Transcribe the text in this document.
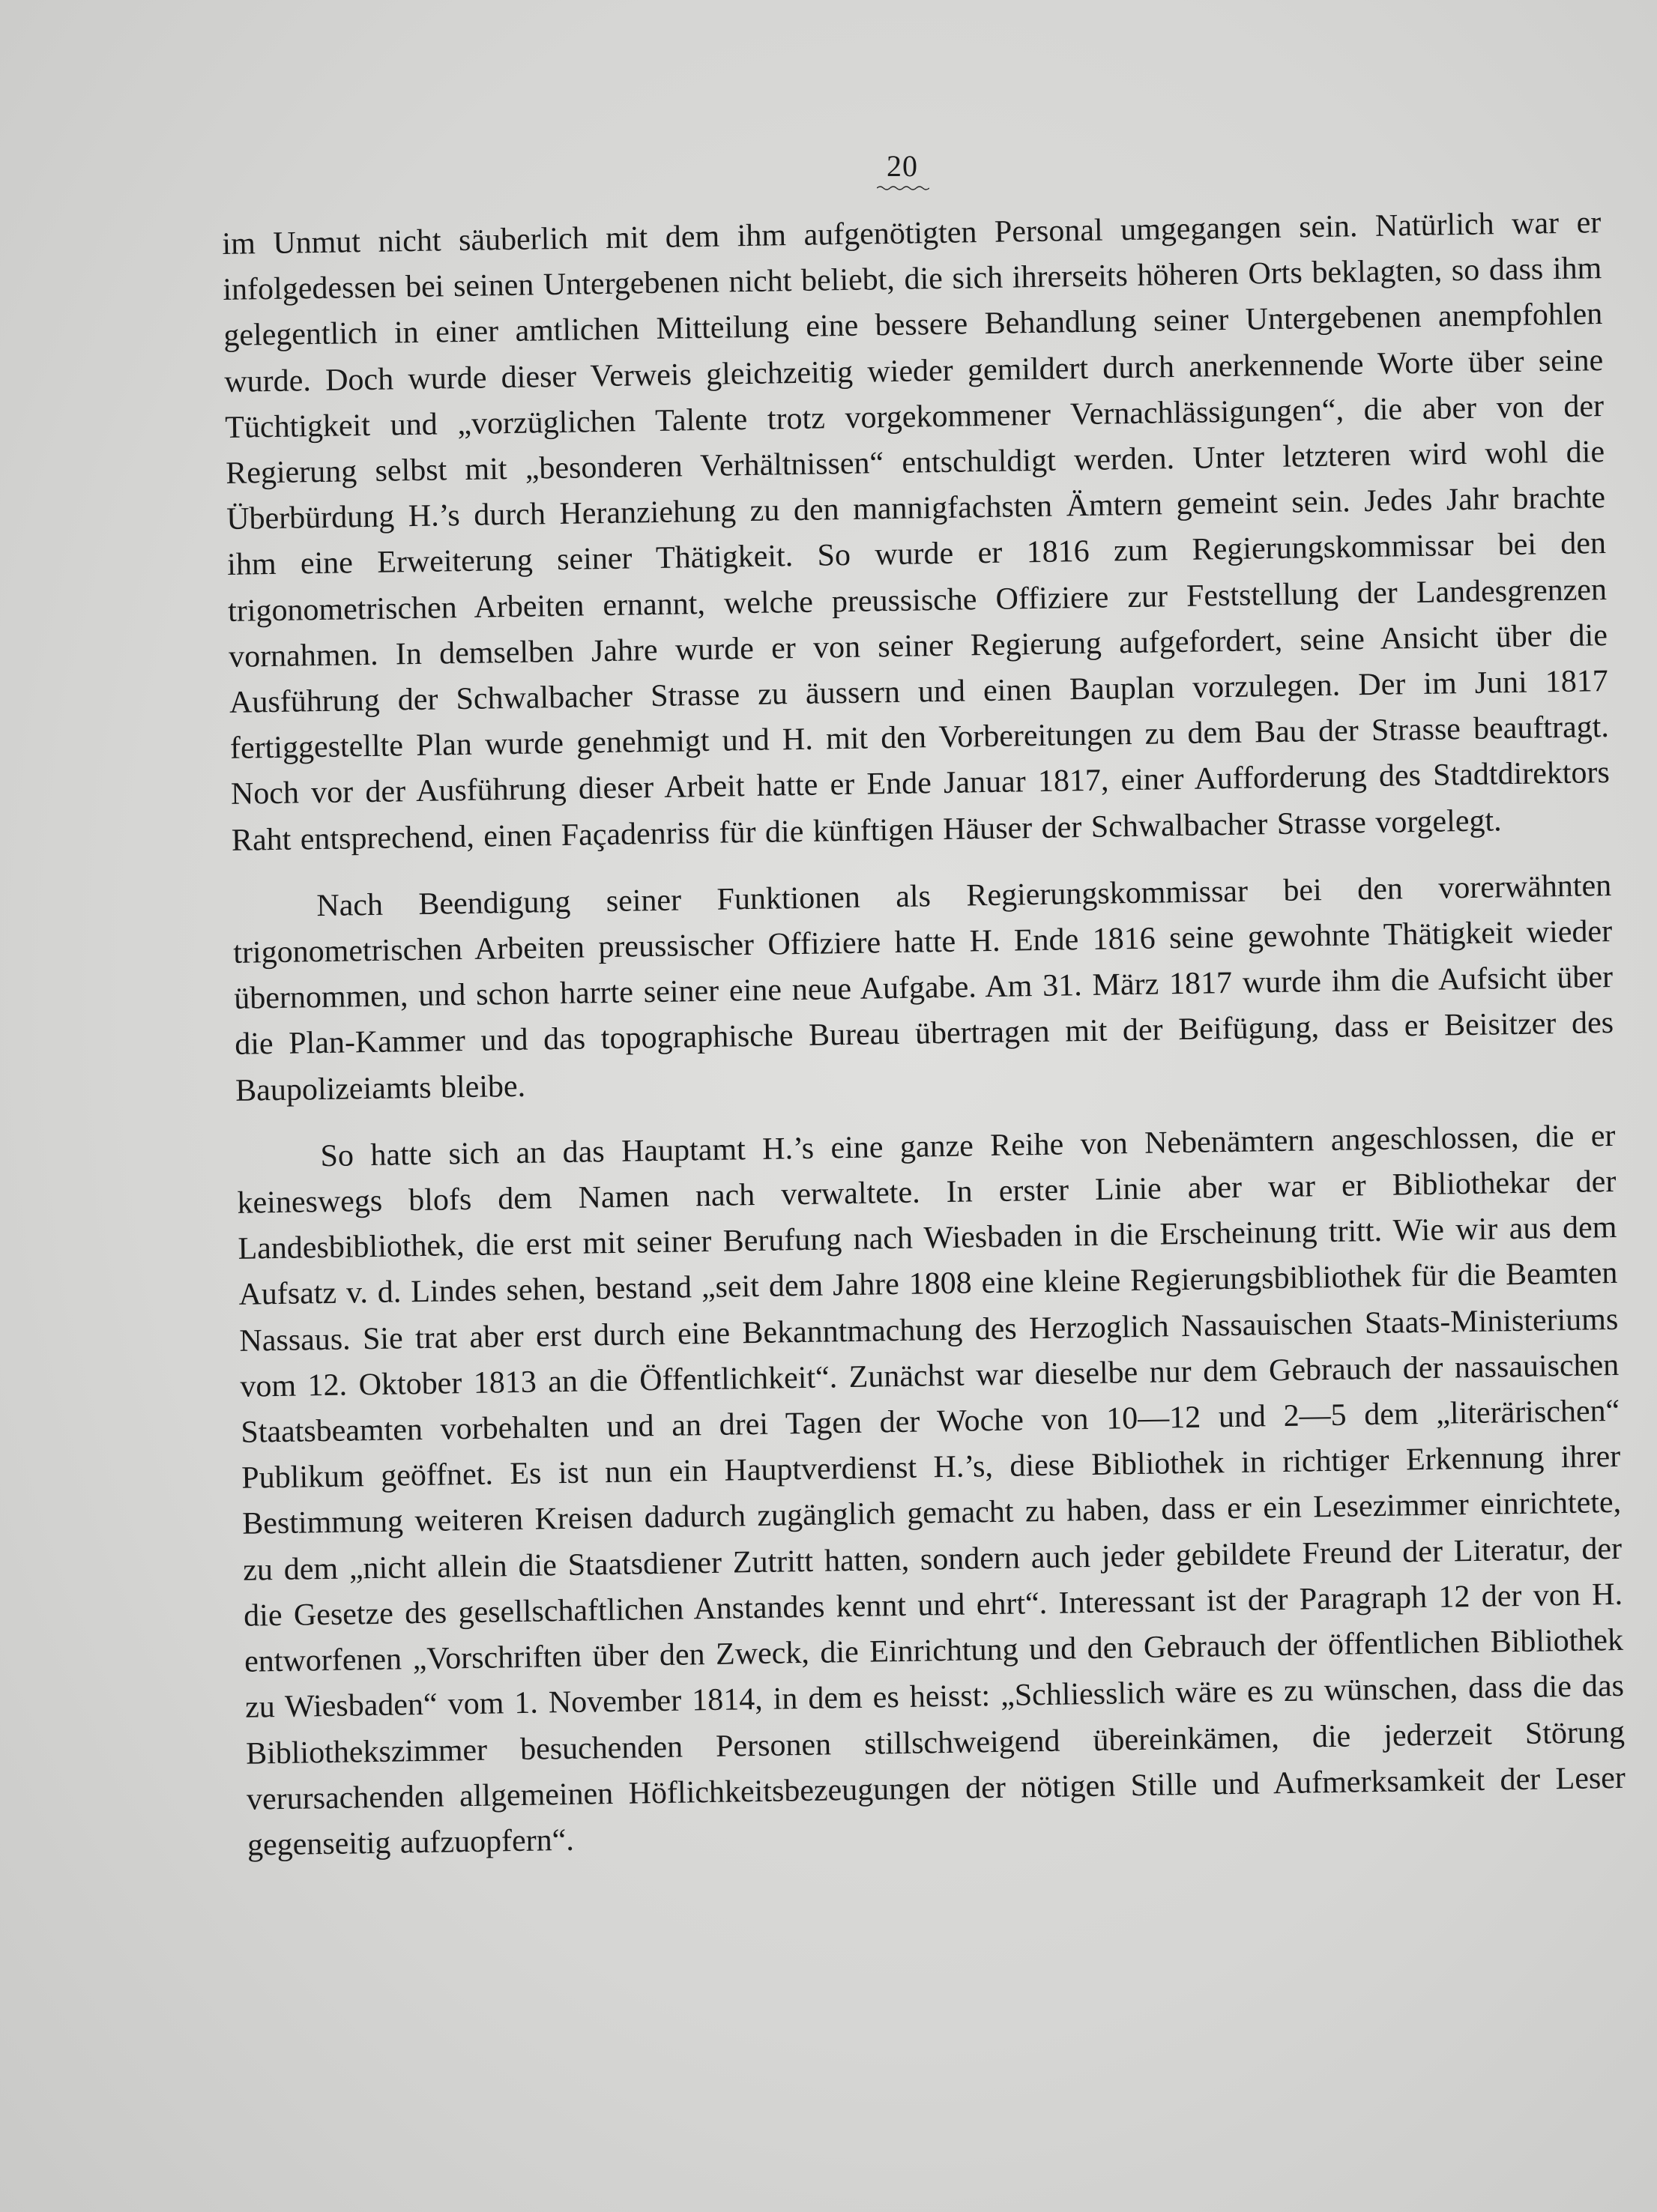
20

im Unmut nicht säuberlich mit dem ihm aufgenötigten Personal umgegangen sein. Natürlich war er infolgedessen bei seinen Untergebenen nicht beliebt, die sich ihrerseits höheren Orts beklagten, so dass ihm gelegentlich in einer amtlichen Mitteilung eine bessere Behandlung seiner Untergebenen anempfohlen wurde. Doch wurde dieser Verweis gleichzeitig wieder gemildert durch anerkennende Worte über seine Tüchtigkeit und „vorzüglichen Talente trotz vorgekommener Vernachlässigungen“, die aber von der Regierung selbst mit „besonderen Verhältnissen“ entschuldigt werden. Unter letzteren wird wohl die Überbürdung H.’s durch Heranziehung zu den mannigfachsten Ämtern gemeint sein. Jedes Jahr brachte ihm eine Erweiterung seiner Thätigkeit. So wurde er 1816 zum Regierungskommissar bei den trigonometrischen Arbeiten ernannt, welche preussische Offiziere zur Feststellung der Landesgrenzen vornahmen. In demselben Jahre wurde er von seiner Regierung aufgefordert, seine Ansicht über die Ausführung der Schwalbacher Strasse zu äussern und einen Bauplan vorzulegen. Der im Juni 1817 fertiggestellte Plan wurde genehmigt und H. mit den Vorbereitungen zu dem Bau der Strasse beauftragt. Noch vor der Ausführung dieser Arbeit hatte er Ende Januar 1817, einer Aufforderung des Stadtdirektors Raht entsprechend, einen Façadenriss für die künftigen Häuser der Schwalbacher Strasse vorgelegt.

Nach Beendigung seiner Funktionen als Regierungskommissar bei den vorerwähnten trigonometrischen Arbeiten preussischer Offiziere hatte H. Ende 1816 seine gewohnte Thätigkeit wieder übernommen, und schon harrte seiner eine neue Aufgabe. Am 31. März 1817 wurde ihm die Aufsicht über die Plan-Kammer und das topographische Bureau übertragen mit der Beifügung, dass er Beisitzer des Baupolizeiamts bleibe.

So hatte sich an das Hauptamt H.’s eine ganze Reihe von Nebenämtern angeschlossen, die er keineswegs blofs dem Namen nach verwaltete. In erster Linie aber war er Bibliothekar der Landesbibliothek, die erst mit seiner Berufung nach Wiesbaden in die Erscheinung tritt. Wie wir aus dem Aufsatz v. d. Lindes sehen, bestand „seit dem Jahre 1808 eine kleine Regierungsbibliothek für die Beamten Nassaus. Sie trat aber erst durch eine Bekanntmachung des Herzoglich Nassauischen Staats-Ministeriums vom 12. Oktober 1813 an die Öffentlichkeit“. Zunächst war dieselbe nur dem Gebrauch der nassauischen Staatsbeamten vorbehalten und an drei Tagen der Woche von 10—12 und 2—5 dem „literärischen“ Publikum geöffnet. Es ist nun ein Hauptverdienst H.’s, diese Bibliothek in richtiger Erkennung ihrer Bestimmung weiteren Kreisen dadurch zugänglich gemacht zu haben, dass er ein Lesezimmer einrichtete, zu dem „nicht allein die Staatsdiener Zutritt hatten, sondern auch jeder gebildete Freund der Literatur, der die Gesetze des gesellschaftlichen Anstandes kennt und ehrt“. Interessant ist der Paragraph 12 der von H. entworfenen „Vorschriften über den Zweck, die Einrichtung und den Gebrauch der öffentlichen Bibliothek zu Wiesbaden“ vom 1. November 1814, in dem es heisst: „Schliesslich wäre es zu wünschen, dass die das Bibliothekszimmer besuchenden Personen stillschweigend übereinkämen, die jederzeit Störung verursachenden allgemeinen Höflichkeitsbezeugungen der nötigen Stille und Aufmerksamkeit der Leser gegenseitig aufzuopfern“.
